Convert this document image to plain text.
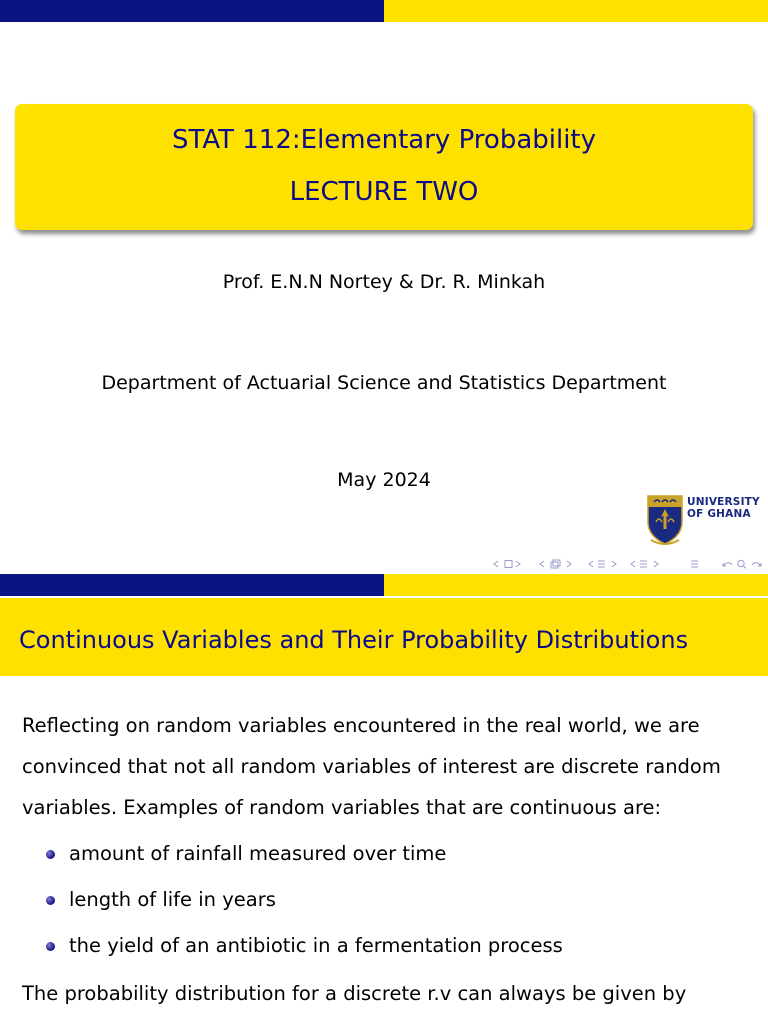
STAT 112:Elementary Probability
LECTURE TWO
Prof. E.N.N Nortey & Dr. R. Minkah
Department of Actuarial Science and Statistics Department
May 2024
UNIVERSITY
OF GHANA
Continuous Variables and Their Probability Distributions
Reflecting on random variables encountered in the real world, we are
convinced that not all random variables of interest are discrete random
variables. Examples of random variables that are continuous are:
amount of rainfall measured over time
length of life in years
the yield of an antibiotic in a fermentation process
The probability distribution for a discrete r.v can always be given by
